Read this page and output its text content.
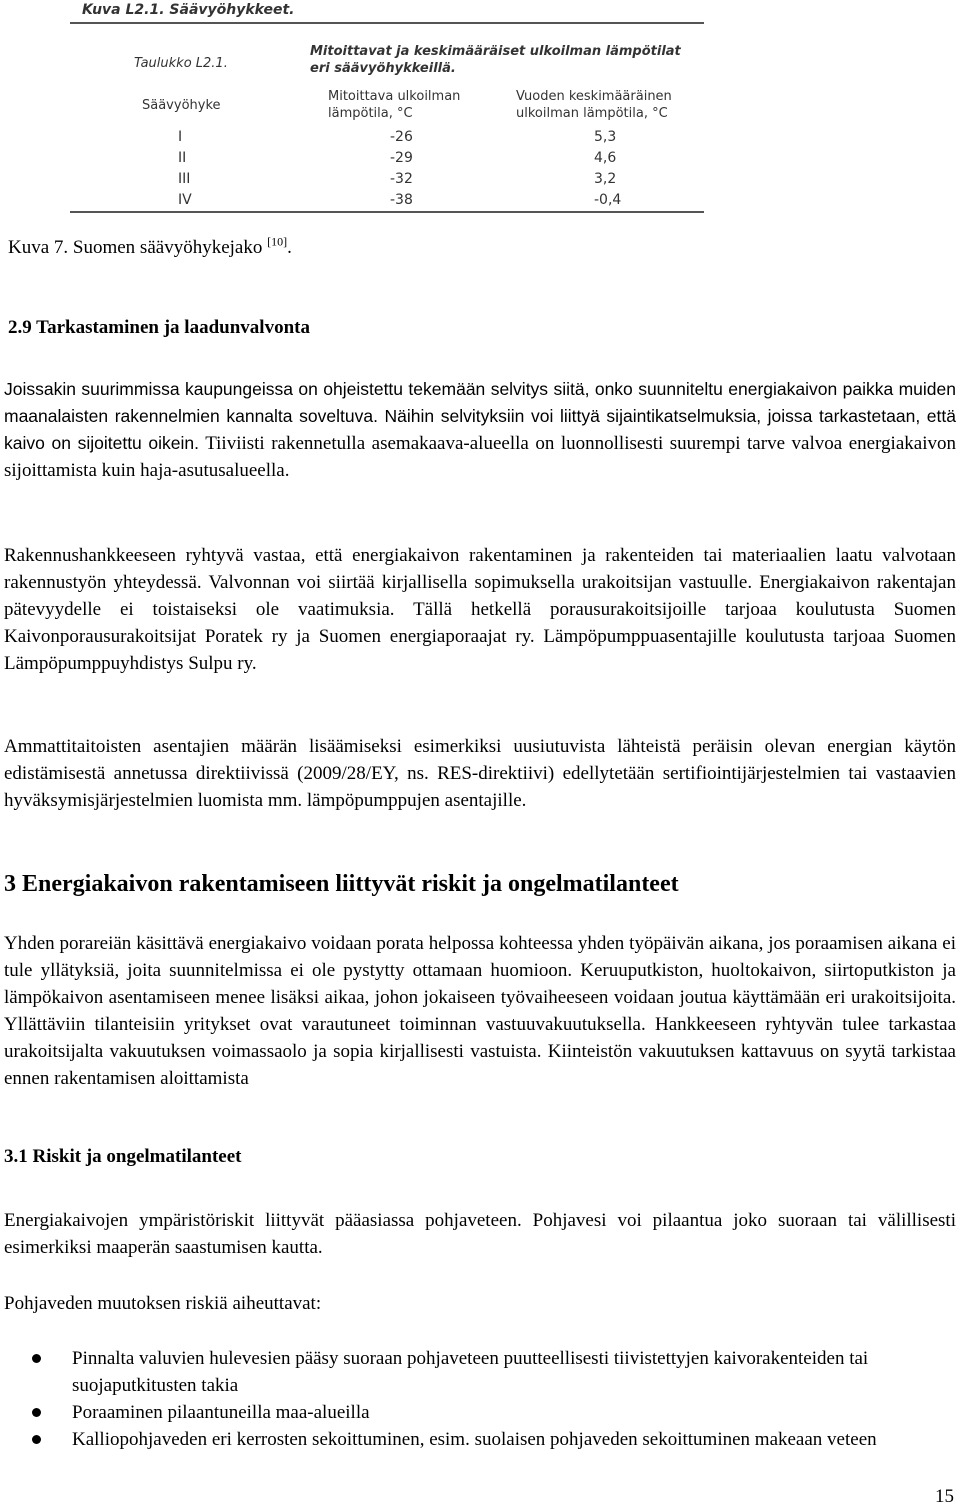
Kuva L2.1. Säävyöhykkeet.
Taulukko L2.1.
Mitoittavat ja keskimääräiset ulkoilman lämpötilat eri säävyöhykkeillä.
Säävyöhyke
Mitoittava ulkoilman lämpötila, °C
Vuoden keskimääräinen ulkoilman lämpötila, °C
I	-26	5,3
II	-29	4,6
III	-32	3,2
IV	-38	-0,4
Kuva 7. Suomen säävyöhykejako [10].
2.9 Tarkastaminen ja laadunvalvonta
Joissakin suurimmissa kaupungeissa on ohjeistettu tekemään selvitys siitä, onko suunniteltu energiakaivon paikka muiden maanalaisten rakennelmien kannalta soveltuva. Näihin selvityksiin voi liittyä sijaintikatselmuksia, joissa tarkastetaan, että kaivo on sijoitettu oikein. Tiiviisti rakennetulla asemakaava-alueella on luonnollisesti suurempi tarve valvoa energiakaivon sijoittamista kuin haja-asutusalueella.
Rakennushankkeeseen ryhtyvä vastaa, että energiakaivon rakentaminen ja rakenteiden tai materiaalien laatu valvotaan rakennustyön yhteydessä. Valvonnan voi siirtää kirjallisella sopimuksella urakoitsijan vastuulle. Energiakaivon rakentajan pätevyydelle ei toistaiseksi ole vaatimuksia. Tällä hetkellä porausurakoitsijoille tarjoaa koulutusta Suomen Kaivonporausurakoitsijat Poratek ry ja Suomen energiaporaajat ry. Lämpöpumppuasentajille koulutusta tarjoaa Suomen Lämpöpumppuyhdistys Sulpu ry.
Ammattitaitoisten asentajien määrän lisäämiseksi esimerkiksi uusiutuvista lähteistä peräisin olevan energian käytön edistämisestä annetussa direktiivissä (2009/28/EY, ns. RES-direktiivi) edellytetään sertifiointijärjestelmien tai vastaavien hyväksymisjärjestelmien luomista mm. lämpöpumppujen asentajille.
3 Energiakaivon rakentamiseen liittyvät riskit ja ongelmatilanteet
Yhden porareiän käsittävä energiakaivo voidaan porata helpossa kohteessa yhden työpäivän aikana, jos poraamisen aikana ei tule yllätyksiä, joita suunnitelmissa ei ole pystytty ottamaan huomioon. Keruuputkiston, huoltokaivon, siirtoputkiston ja lämpökaivon asentamiseen menee lisäksi aikaa, johon jokaiseen työvaiheeseen voidaan joutua käyttämään eri urakoitsijoita. Yllättäviin tilanteisiin yritykset ovat varautuneet toiminnan vastuuvakuutuksella. Hankkeeseen ryhtyvän tulee tarkastaa urakoitsijalta vakuutuksen voimassaolo ja sopia kirjallisesti vastuista. Kiinteistön vakuutuksen kattavuus on syytä tarkistaa ennen rakentamisen aloittamista
3.1 Riskit ja ongelmatilanteet
Energiakaivojen ympäristöriskit liittyvät pääasiassa pohjaveteen. Pohjavesi voi pilaantua joko suoraan tai välillisesti esimerkiksi maaperän saastumisen kautta.
Pohjaveden muutoksen riskiä aiheuttavat:
Pinnalta valuvien hulevesien pääsy suoraan pohjaveteen puutteellisesti tiivistettyjen kaivorakenteiden tai suojaputkitusten takia
Poraaminen pilaantuneilla maa-alueilla
Kalliopohjaveden eri kerrosten sekoittuminen, esim. suolaisen pohjaveden sekoittuminen makeaan veteen
15
